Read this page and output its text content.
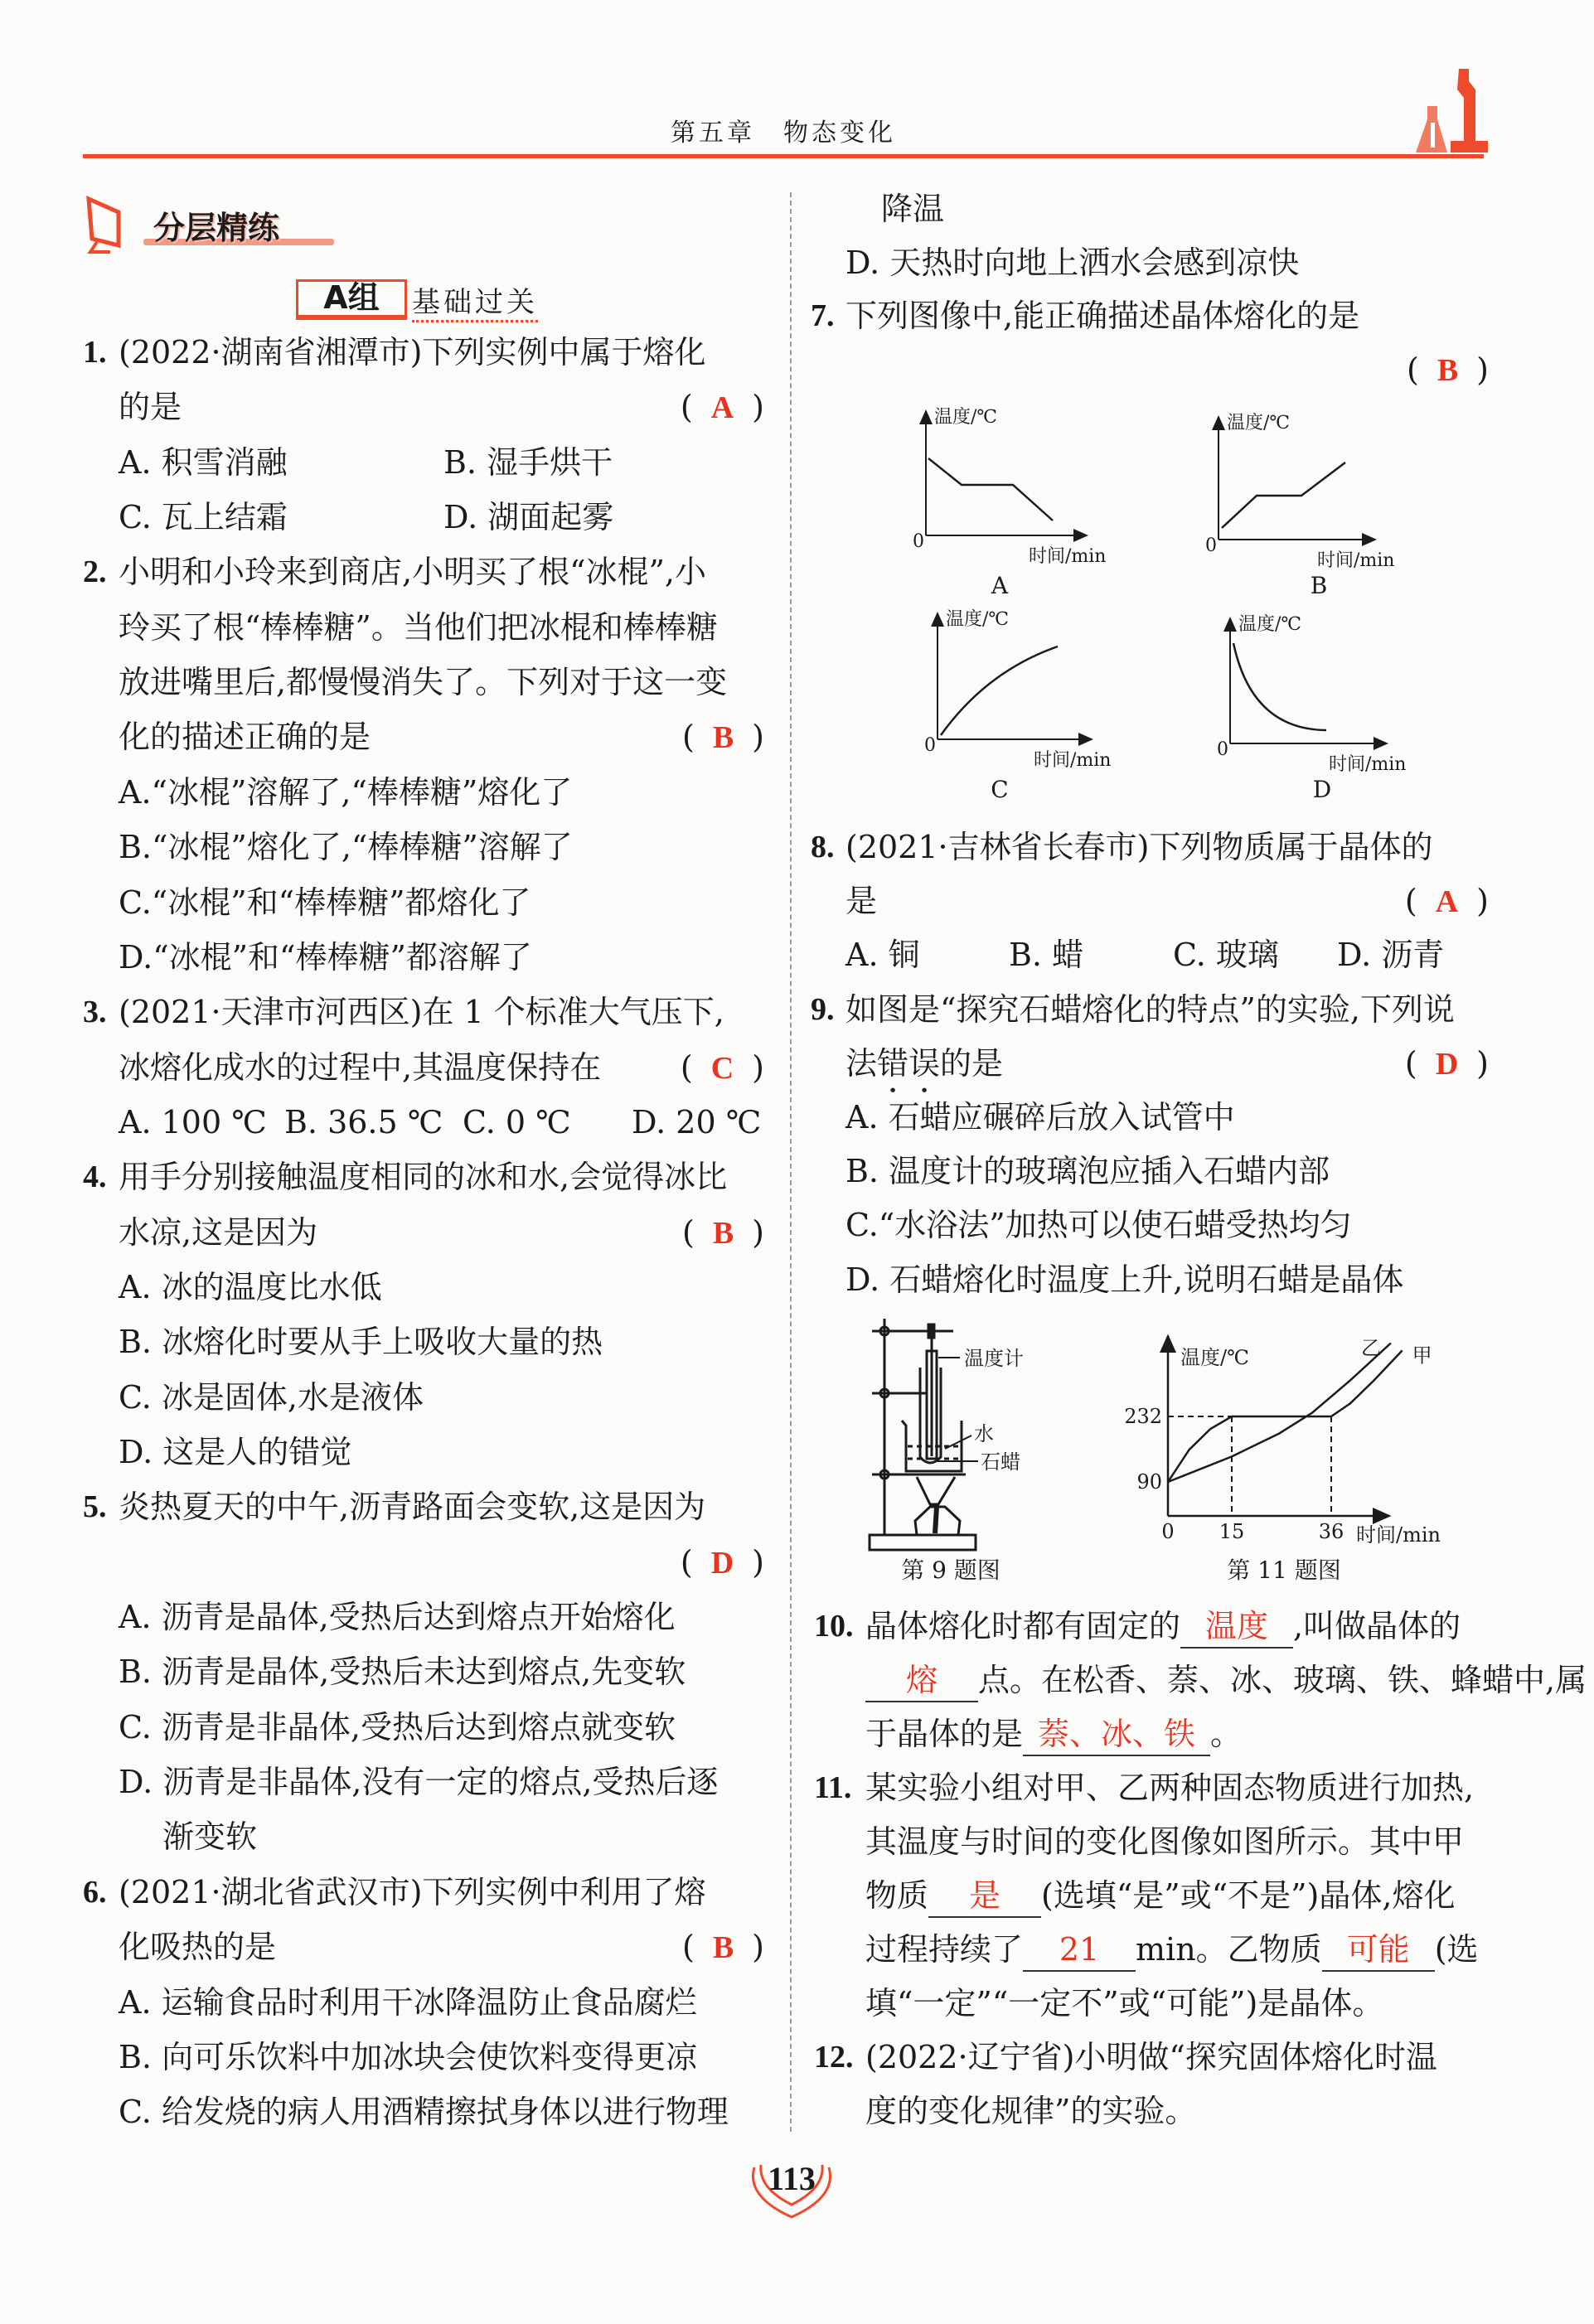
第五章　物态变化
分层精练
A组	基础过关
1. (2022·湖南省湘潭市)下列实例中属于熔化
的是	( A )
A. 积雪消融	B. 湿手烘干
C. 瓦上结霜	D. 湖面起雾
2. 小明和小玲来到商店,小明买了根“冰棍”,小
玲买了根“棒棒糖”。当他们把冰棍和棒棒糖
放进嘴里后,都慢慢消失了。下列对于这一变
化的描述正确的是	( B )
A.“冰棍”溶解了,“棒棒糖”熔化了
B.“冰棍”熔化了,“棒棒糖”溶解了
C.“冰棍”和“棒棒糖”都熔化了
D.“冰棍”和“棒棒糖”都溶解了
3. (2021·天津市河西区)在 1 个标准大气压下,
冰熔化成水的过程中,其温度保持在	( C )
A. 100 ℃ B. 36.5 ℃ C. 0 ℃ D. 20 ℃
4. 用手分别接触温度相同的冰和水,会觉得冰比
水凉,这是因为	( B )
A. 冰的温度比水低
B. 冰熔化时要从手上吸收大量的热
C. 冰是固体,水是液体
D. 这是人的错觉
5. 炎热夏天的中午,沥青路面会变软,这是因为
( D )
A. 沥青是晶体,受热后达到熔点开始熔化
B. 沥青是晶体,受热后未达到熔点,先变软
C. 沥青是非晶体,受热后达到熔点就变软
D. 沥青是非晶体,没有一定的熔点,受热后逐
渐变软
6. (2021·湖北省武汉市)下列实例中利用了熔
化吸热的是	( B )
A. 运输食品时利用干冰降温防止食品腐烂
B. 向可乐饮料中加冰块会使饮料变得更凉
C. 给发烧的病人用酒精擦拭身体以进行物理
降温
D. 天热时向地上洒水会感到凉快
7. 下列图像中,能正确描述晶体熔化的是
( B )
8. (2021·吉林省长春市)下列物质属于晶体的
是	( A )
A. 铜	B. 蜡	C. 玻璃 D. 沥青
9. 如图是“探究石蜡熔化的特点”的实验,下列说
法错误的是	( D )
A. 石蜡应碾碎后放入试管中
B. 温度计的玻璃泡应插入石蜡内部
C.“水浴法”加热可以使石蜡受热均匀
D. 石蜡熔化时温度上升,说明石蜡是晶体
10. 晶体熔化时都有固定的 温度 ,叫做晶体的
熔 点。在松香、萘、冰、玻璃、铁、蜂蜡中,属
于晶体的是 萘、冰、铁 。
11. 某实验小组对甲、乙两种固态物质进行加热,
其温度与时间的变化图像如图所示。其中甲
物质 是 (选填“是”或“不是”)晶体,熔化
过程持续了 21 min。乙物质 可能 (选
填“一定”“一定不”或“可能”)是晶体。
12. (2022·辽宁省)小明做“探究固体熔化时温
度的变化规律”的实验。
温度/℃
0
时间/min
A
温度/℃
0
时间/min
B
温度/℃
0
时间/min
C
温度/℃
0
时间/min
D
温度计
水
石蜡
第 9 题图
甲
乙
温度/℃
232
90
0 15	36 时间/min
第 11 题图
113
